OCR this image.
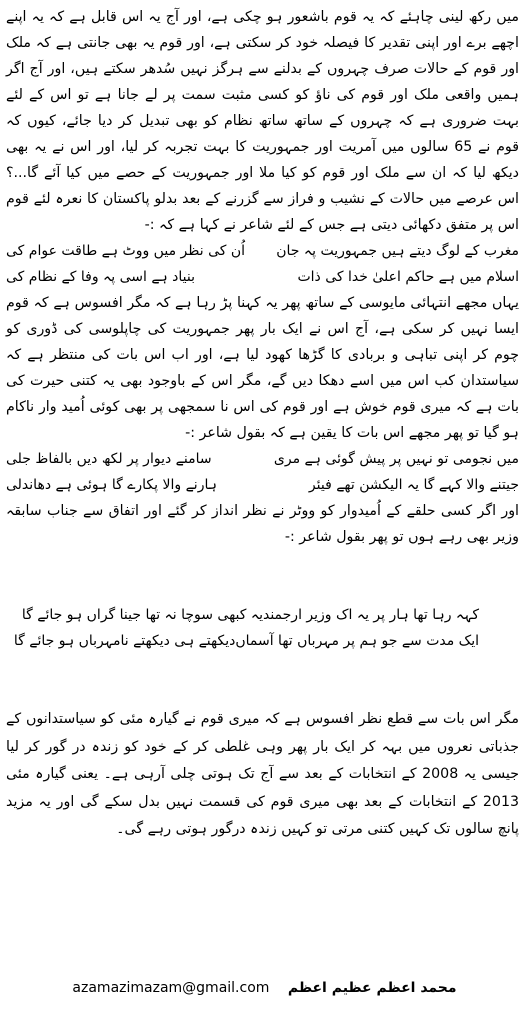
میں رکھ لینی چاہئے کہ یہ قوم باشعور ہو چکی ہے، اور آج یہ اس قابل ہے کہ یہ اپنے اچھے برے اور اپنی تقدیر کا فیصلہ خود کر سکتی ہے، اور قوم یہ بھی جانتی ہے کہ ملک اور قوم کے حالات صرف چہروں کے بدلنے سے ہرگز نہیں سُدھر سکتے ہیں، اور آج اگر ہمیں واقعی ملک اور قوم کی ناؤ کو کسی مثبت سمت پر لے جانا ہے تو اس کے لئے بہت ضروری ہے کہ چہروں کے ساتھ ساتھ نظام کو بھی تبدیل کر دیا جائے، کیوں کہ قوم نے 65 سالوں میں آمریت اور جمہوریت کا بہت تجربہ کر لیا، اور اس نے یہ بھی دیکھ لیا کہ ان سے ملک اور قوم کو کیا ملا اور جمہوریت کے حصے میں کیا آئے گا...؟ اس عرصے میں حالات کے نشیب و فراز سے گزرنے کے بعد بدلو پاکستان کا نعرہ لئے قوم اس پر متفق دکھائی دیتی ہے جس کے لئے شاعر نے کہا ہے کہ :-

مغرب کے لوگ دیتے ہیں جمہوریت پہ جان
اُن کی نظر میں ووٹ ہے طاقت عوام کی
اسلام میں ہے حاکم اعلیٰ خدا کی ذات
بنیاد ہے اسی پہ وفا کے نظام کی

یہاں مجھے انتہائی مایوسی کے ساتھ پھر یہ کہنا پڑ رہا ہے کہ مگر افسوس ہے کہ قوم ایسا نہیں کر سکی ہے، آج اس نے ایک بار پھر جمہوریت کی چاپلوسی کی ڈوری کو چوم کر اپنی تباہی و بربادی کا گڑھا کھود لیا ہے، اور اب اس بات کی منتظر ہے کہ سیاستدان کب اس میں اسے دھکا دیں گے، مگر اس کے باوجود بھی یہ کتنی حیرت کی بات ہے کہ میری قوم خوش ہے اور قوم کی اس نا سمجھی پر بھی کوئی اُمید وار ناکام ہو گیا تو پھر مجھے اس بات کا یقین ہے کہ بقول شاعر :-

میں نجومی تو نہیں پر پیش گوئی ہے مری
سامنے دیوار پر لکھ دیں بالفاظ جلی
جیتنے والا کہے گا یہ الیکشن تھے فیئر
ہارنے والا پکارے گا ہوئی ہے دھاندلی

اور اگر کسی حلقے کے اُمیدوار کو ووٹر نے نظر انداز کر گئے اور اتفاق سے جناب سابقہ وزیر بھی رہے ہوں تو پھر بقول شاعر :-

کہہ رہا تھا ہار پر یہ اک وزیر ارجمند
یہ کبھی سوچا نہ تھا جینا گراں ہو جائے گا
ایک مدت سے جو ہم پر مہرباں تھا آسماں
دیکھتے ہی دیکھتے نامہرباں ہو جائے گا

مگر اس بات سے قطع نظر افسوس ہے کہ میری قوم نے گیارہ مئی کو سیاستدانوں کے جذباتی نعروں میں بہہ کر ایک بار پھر وہی غلطی کر کے خود کو زندہ در گور کر لیا جیسی یہ 2008 کے انتخابات کے بعد سے آج تک ہوتی چلی آرہی ہے۔ یعنی گیارہ مئی 2013 کے انتخابات کے بعد بھی میری قوم کی قسمت نہیں بدل سکے گی اور یہ مزید پانچ سالوں تک کہیں کتنی مرتی تو کہیں زندہ درگور ہوتی رہے گی۔

azamazimazam@gmail.com محمد اعظم عظیم اعظم
